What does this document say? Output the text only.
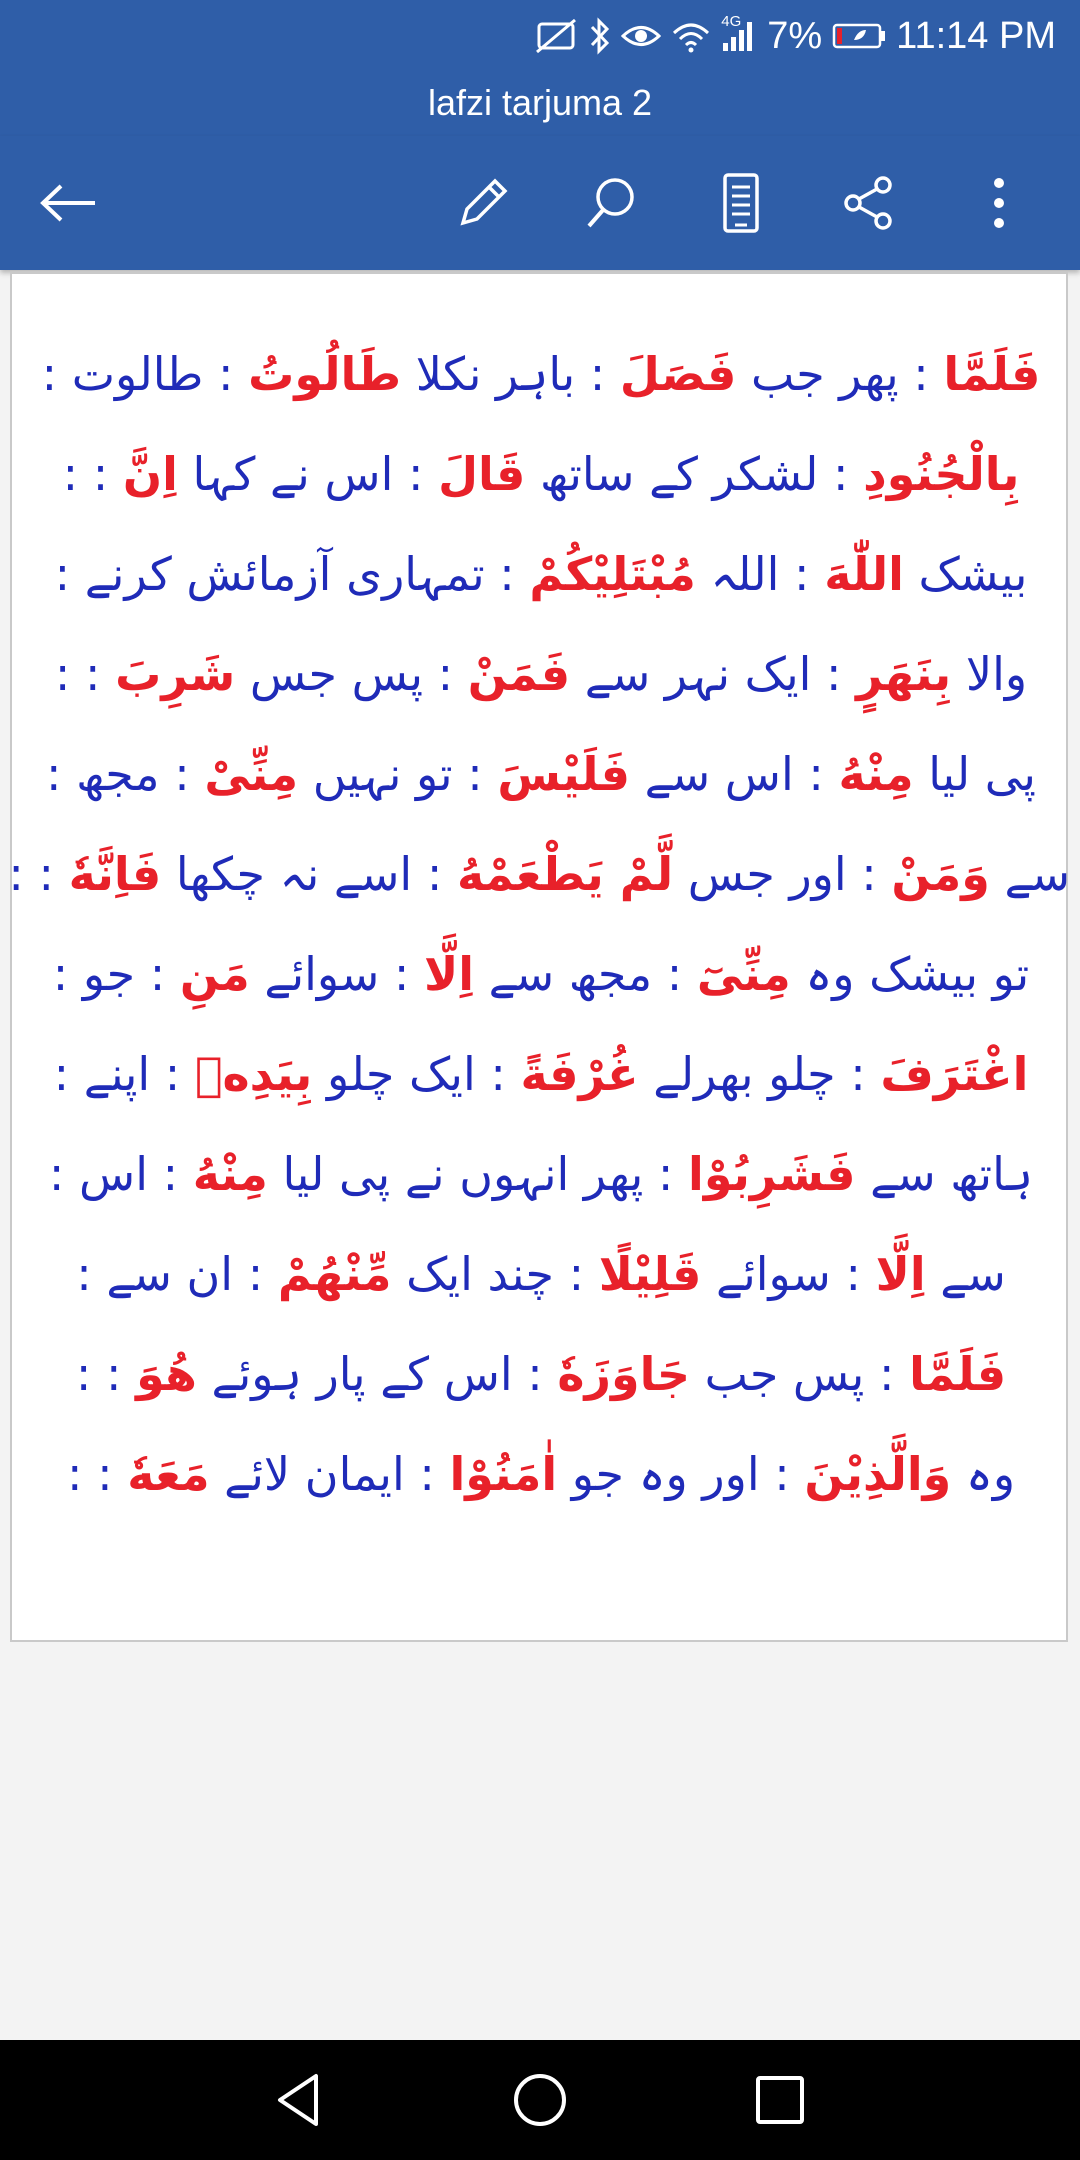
4G 7% 11:14 PM
lafzi tarjuma 2
فَلَمَّا : پھر جب فَصَلَ : باہر نکلا طَالُوتُ : طالوت :
بِالْجُنُودِ : لشکر کے ساتھ قَالَ : اس نے کہا اِنَّ : :
بیشک اللّٰهَ : اللہ مُبْتَلِيْكُمْ : تمہاری آزمائش کرنے :
والا بِنَهَرٍ : ایک نہر سے فَمَنْ : پس جس شَرِبَ : :
پی لیا مِنْهُ : اس سے فَلَيْسَ : تو نہیں مِنِّىْ : مجھ :
سے وَمَنْ : اور جس لَّمْ يَطْعَمْهُ : اسے نہ چکھا فَاِنَّهٗ : :
تو بیشک وہ مِنِّىٓ : مجھ سے اِلَّا : سوائے مَنِ : جو :
اغْتَرَفَ : چلو بھرلے غُرْفَةً : ایک چلو بِيَدِهٖ : اپنے :
ہاتھ سے فَشَرِبُوْا : پھر انہوں نے پی لیا مِنْهُ : اس :
سے اِلَّا : سوائے قَلِيْلًا : چند ایک مِّنْهُمْ : ان سے :
فَلَمَّا : پس جب جَاوَزَهٗ : اس کے پار ہوئے هُوَ : :
وہ وَالَّذِيْنَ : اور وہ جو اٰمَنُوْا : ایمان لائے مَعَهٗ : :
